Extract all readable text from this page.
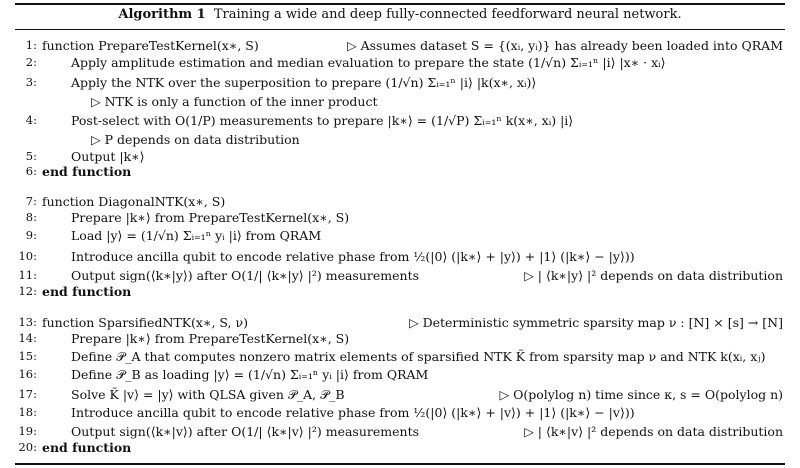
Algorithm 1 Training a wide and deep fully-connected feedforward neural network.
1: function PrepareTestKernel(x∗, S)	▷ Assumes dataset S = {(xᵢ, yᵢ)} has already been loaded into QRAM
2:	Apply amplitude estimation and median evaluation to prepare the state (1/√n) Σᵢ₌₁ⁿ |i⟩ |x∗ · xᵢ⟩
3:	Apply the NTK over the superposition to prepare (1/√n) Σᵢ₌₁ⁿ |i⟩ |k(x∗, xᵢ)⟩
▷ NTK is only a function of the inner product
4:	Post-select with O(1/P) measurements to prepare |k∗⟩ = (1/√P) Σᵢ₌₁ⁿ k(x∗, xᵢ) |i⟩
▷ P depends on data distribution
5:	Output |k∗⟩
6: end function
7: function DiagonalNTK(x∗, S)
8:	Prepare |k∗⟩ from PrepareTestKernel(x∗, S)
9:	Load |y⟩ = (1/√n) Σᵢ₌₁ⁿ yᵢ |i⟩ from QRAM
10:	Introduce ancilla qubit to encode relative phase from ½(|0⟩ (|k∗⟩ + |y⟩) + |1⟩ (|k∗⟩ − |y⟩))
11:	Output sign(⟨k∗|y⟩) after O(1/| ⟨k∗|y⟩ |²) measurements	▷ | ⟨k∗|y⟩ |² depends on data distribution
12: end function
13: function SparsifiedNTK(x∗, S, ν)	▷ Deterministic symmetric sparsity map ν : [N] × [s] → [N]
14:	Prepare |k∗⟩ from PrepareTestKernel(x∗, S)
15:	Define 𝒫_A that computes nonzero matrix elements of sparsified NTK K̃ from sparsity map ν and NTK k(xᵢ, xⱼ)
16:	Define 𝒫_B as loading |y⟩ = (1/√n) Σᵢ₌₁ⁿ yᵢ |i⟩ from QRAM
17:	Solve K̃ |v⟩ = |y⟩ with QLSA given 𝒫_A, 𝒫_B	▷ O(polylog n) time since κ, s = O(polylog n)
18:	Introduce ancilla qubit to encode relative phase from ½(|0⟩ (|k∗⟩ + |v⟩) + |1⟩ (|k∗⟩ − |v⟩))
19:	Output sign(⟨k∗|v⟩) after O(1/| ⟨k∗|v⟩ |²) measurements	▷ | ⟨k∗|v⟩ |² depends on data distribution
20: end function
